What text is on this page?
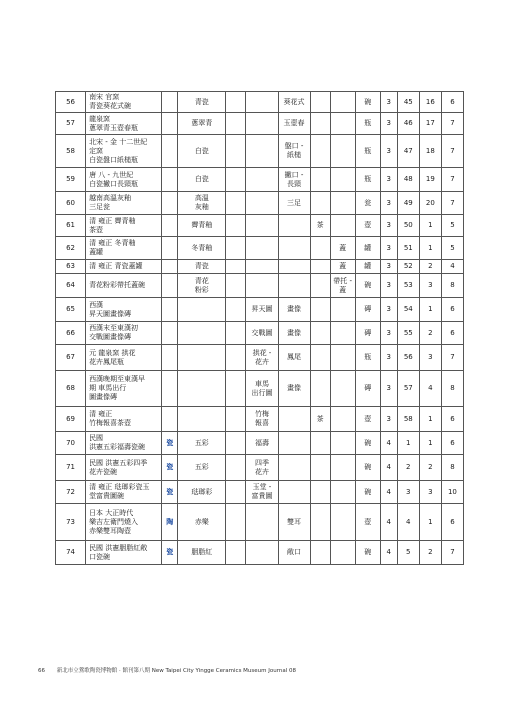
56	南宋 官窯
青瓷葵花式碗		青瓷			葵花式			碗	3	45	16	6

57	龍泉窯
蔥翠青玉壺春瓶		蔥翠青			玉壺春			瓶	3	46	17	7

58	北宋 - 金 十二世紀
定窯
白瓷盤口紙槌瓶		白瓷			盤口 -
紙槌			瓶	3	47	18	7

59	唐 八 - 九世紀
白瓷撇口長頸瓶		白瓷			撇口 -
長頸			瓶	3	48	19	7

60	越南高溫灰釉
三足瓮		高溫
灰釉			三足			瓮	3	49	20	7

61	清 雍正 霽青釉
茶壺		霽青釉				茶		壺	3	50	1	5

62	清 雍正 冬青釉
蓋罐		冬青釉					蓋	罐	3	51	1	5

63	清 雍正 青瓷蓋罐		青瓷					蓋	罐	3	52	2	4

64	青花粉彩帶托蓋碗		青花
粉彩					帶托 -
蓋	碗	3	53	3	8

65	西漢
昇天圖畫像磚				昇天圖	畫像			磚	3	54	1	6

66	西漢末至東漢初
交戰圖畫像磚				交戰圖	畫像			磚	3	55	2	6

67	元 龍泉窯 拱花
花卉鳳尾瓶				拱花 -
花卉	鳳尾			瓶	3	56	3	7

68	西漢晚期至東漢早
期 車馬出行
圖畫像磚				車馬
出行圖	畫像			磚	3	57	4	8

69	清 雍正
竹梅報喜茶壺				竹梅
報喜		茶		壺	3	58	1	6

70	民國
洪憲五彩福壽瓷碗	瓷	五彩		福壽				碗	4	1	1	6

71	民國 洪憲五彩四季
花卉瓷碗	瓷	五彩		四季
花卉				碗	4	2	2	8

72	清 雍正 琺瑯彩瓷玉
堂富貴圖碗	瓷	琺瑯彩		玉堂 -
富貴圖				碗	4	3	3	10

73	日本 大正時代
樂吉左衛門燒入
赤樂雙耳陶壺	陶	赤樂			雙耳			壺	4	4	1	6

74	民國 洪憲胭脂紅敞
口瓷碗	瓷	胭脂紅			敞口			碗	4	5	2	7
66 新北市立鶯歌陶瓷博物館 · 館刊第八期 New Taipei City Yingge Ceramics Museum Journal 08
